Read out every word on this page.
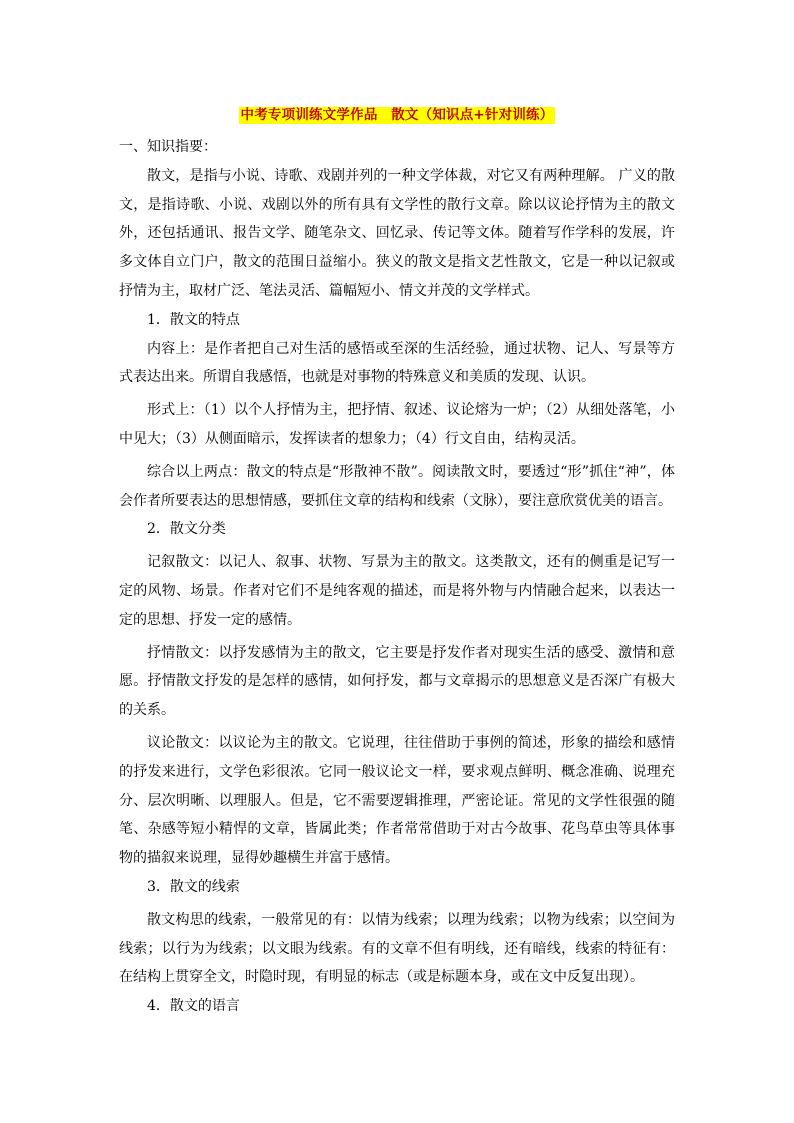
中考专项训练文学作品　散文（知识点+针对训练）

一、知识指要：

散文，是指与小说、诗歌、戏剧并列的一种文学体裁，对它又有两种理解。 广义的散文，是指诗歌、小说、戏剧以外的所有具有文学性的散行文章。除以议论抒情为主的散文外，还包括通讯、报告文学、随笔杂文、回忆录、传记等文体。随着写作学科的发展，许多文体自立门户，散文的范围日益缩小。狭义的散文是指文艺性散文，它是一种以记叙或抒情为主，取材广泛、笔法灵活、篇幅短小、情文并茂的文学样式。

1．散文的特点

内容上：是作者把自己对生活的感悟或至深的生活经验，通过状物、记人、写景等方式表达出来。所谓自我感悟，也就是对事物的特殊意义和美质的发现、认识。

形式上：（1）以个人抒情为主，把抒情、叙述、议论熔为一炉；（2）从细处落笔，小中见大；（3）从侧面暗示，发挥读者的想象力；（4）行文自由，结构灵活。

综合以上两点：散文的特点是“形散神不散”。阅读散文时，要透过“形”抓住“神”，体会作者所要表达的思想情感，要抓住文章的结构和线索（文脉），要注意欣赏优美的语言。

2．散文分类

记叙散文：以记人、叙事、状物、写景为主的散文。这类散文，还有的侧重是记写一定的风物、场景。作者对它们不是纯客观的描述，而是将外物与内情融合起来，以表达一定的思想、抒发一定的感情。

抒情散文：以抒发感情为主的散文，它主要是抒发作者对现实生活的感受、激情和意愿。抒情散文抒发的是怎样的感情，如何抒发，都与文章揭示的思想意义是否深广有极大的关系。

议论散文：以议论为主的散文。它说理，往往借助于事例的简述，形象的描绘和感情的抒发来进行，文学色彩很浓。它同一般议论文一样，要求观点鲜明、概念准确、说理充分、层次明晰、以理服人。但是，它不需要逻辑推理，严密论证。常见的文学性很强的随笔、杂感等短小精悍的文章，皆属此类；作者常常借助于对古今故事、花鸟草虫等具体事物的描叙来说理，显得妙趣横生并富于感情。

3．散文的线索

散文构思的线索，一般常见的有：以情为线索；以理为线索；以物为线索；以空间为线索；以行为为线索；以文眼为线索。有的文章不但有明线，还有暗线，线索的特征有：在结构上贯穿全文，时隐时现，有明显的标志（或是标题本身，或在文中反复出现）。

4．散文的语言
